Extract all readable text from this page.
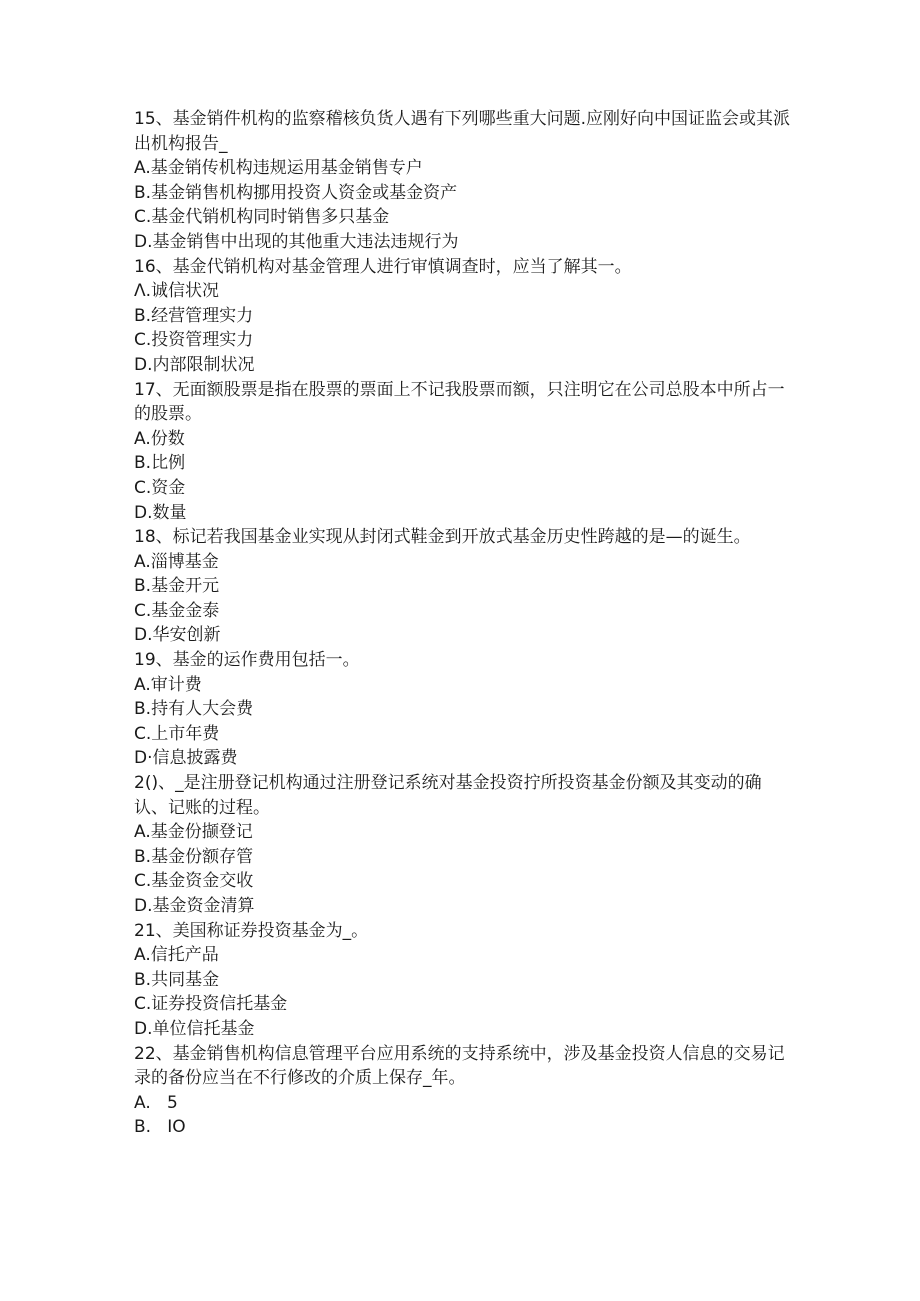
15、基金销件机构的监察稽核负货人遇有下列哪些重大问题.应刚好向中国证监会或其派出机构报告_

A.基金销传机构违规运用基金销售专户
B.基金销售机构挪用投资人资金或基金资产
C.基金代销机构同时销售多只基金
D.基金销售中出现的其他重大违法违规行为

16、基金代销机构对基金管理人进行审慎调查时，应当了解其一。

Λ.诚信状况
B.经营管理实力
C.投资管理实力
D.内部限制状况

17、无面额股票是指在股票的票面上不记我股票而额，只注明它在公司总股本中所占一的股票。

A.份数
B.比例
C.资金
D.数量

18、标记若我国基金业实现从封闭式鞋金到开放式基金历史性跨越的是—的诞生。

A.淄博基金
B.基金开元
C.基金金泰
D.华安创新

19、基金的运作费用包括一。

A.审计费
B.持有人大会费
C.上市年费
D·信息披露费

2()、_是注册登记机构通过注册登记系统对基金投资拧所投资基金份额及其变动的确认、记账的过程。

A.基金份撷登记
B.基金份额存管
C.基金资金交收
D.基金资金清算

21、美国称证券投资基金为_。

A.信托产品
B.共同基金
C.证券投资信托基金
D.单位信托基金

22、基金销售机构信息管理平台应用系统的支持系统中，涉及基金投资人信息的交易记录的备份应当在不行修改的介质上保存_年。

A.   5
B.   IO
